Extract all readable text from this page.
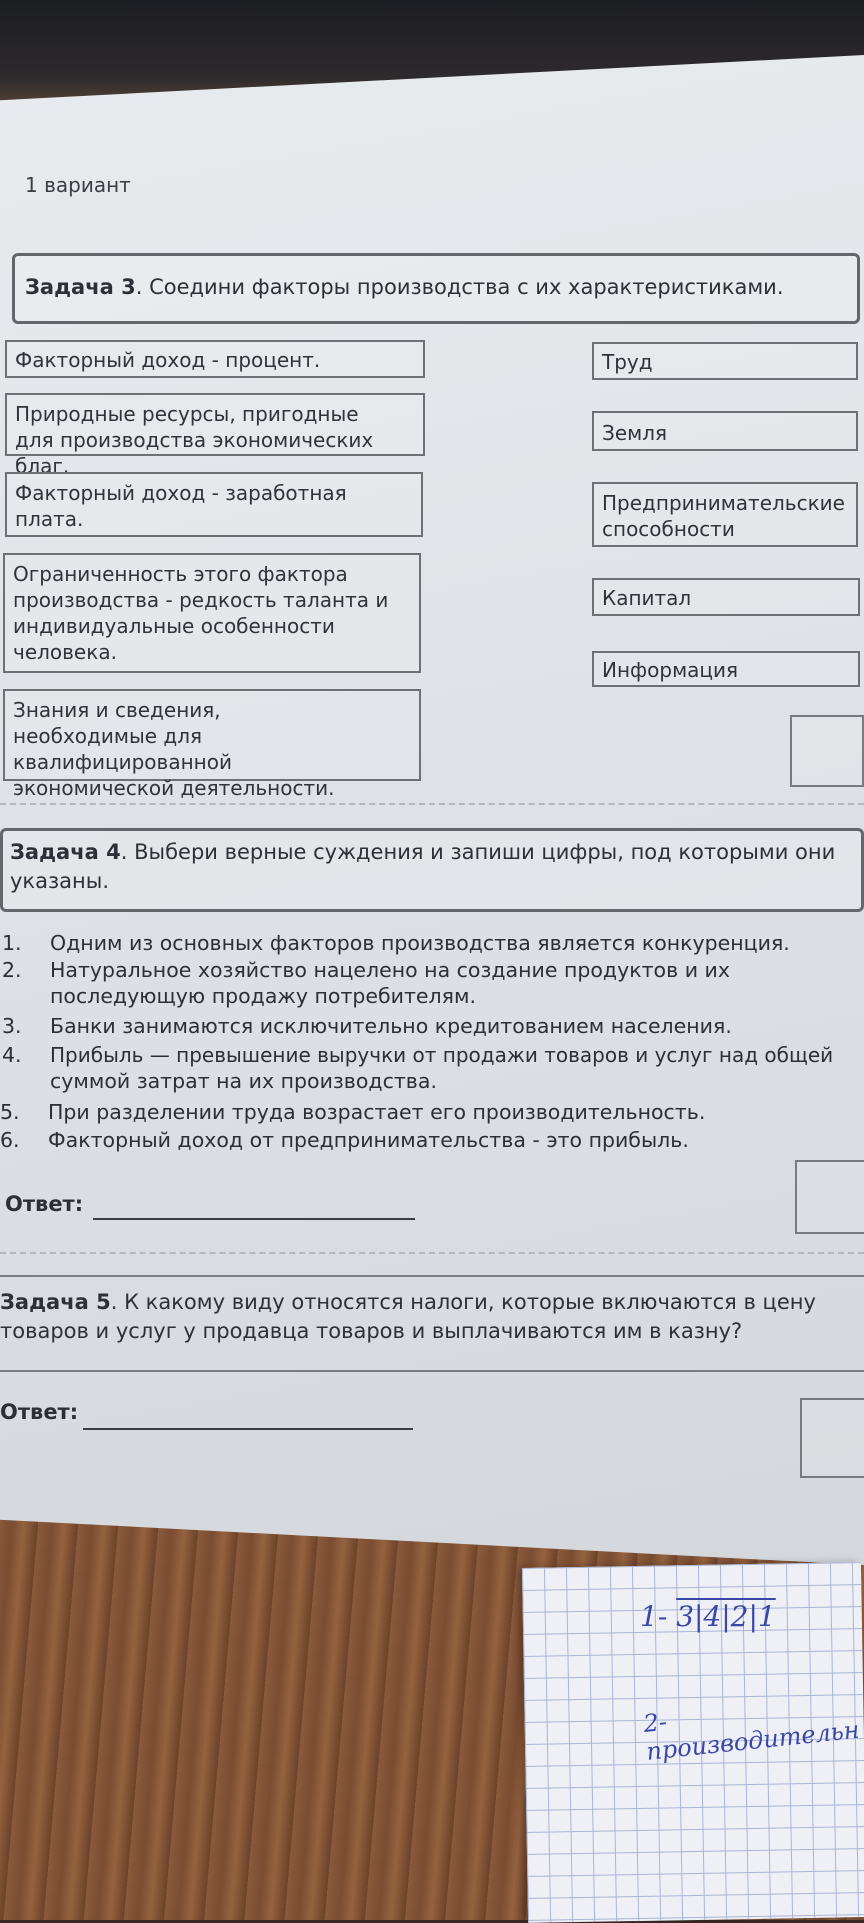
1 вариант
Задача 3. Соедини факторы производства с их характеристиками.
Факторный доход - процент.
Природные ресурсы, пригодные для производства экономических благ.
Факторный доход - заработная плата.
Ограниченность этого фактора производства - редкость таланта и индивидуальные особенности человека.
Знания и сведения, необходимые для квалифицированной экономической деятельности.
Труд
Земля
Предпринимательские способности
Капитал
Информация
Задача 4. Выбери верные суждения и запиши цифры, под которыми они указаны.
1. Одним из основных факторов производства является конкуренция.
2. Натуральное хозяйство нацелено на создание продуктов и их
последующую продажу потребителям.
3. Банки занимаются исключительно кредитованием населения.
4. Прибыль — превышение выручки от продажи товаров и услуг над общей
суммой затрат на их производства.
5. При разделении труда возрастает его производительность.
6. Факторный доход от предпринимательства - это прибыль.
Ответ:
Задача 5. К какому виду относятся налоги, которые включаются в цену
товаров и услуг у продавца товаров и выплачиваются им в казну?
Ответ:
1- 3|4|2|1
2-производительн
